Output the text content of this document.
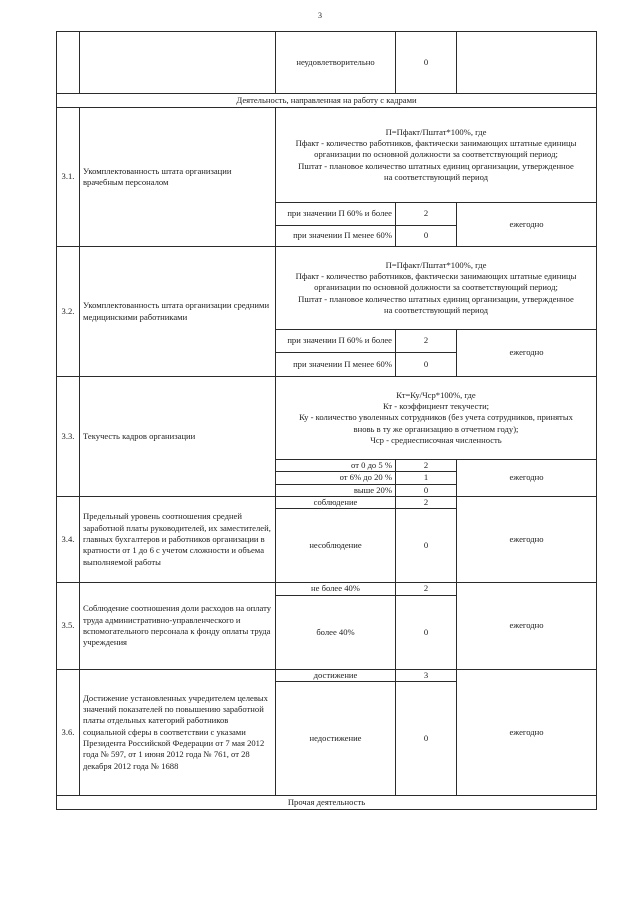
3
		неудовлетворительно	0	
Деятельность, направленная на работу с кадрами				
3.1.	Укомплектованность штата организации врачебным персоналом	П=Пфакт/Пштат*100%, где
Пфакт - количество работников, фактически занимающих штатные единицы
организации по основной должности за соответствующий период;
Пштат - плановое количество штатных единиц организации, утвержденное
на соответствующий период		

		при значении П 60% и более	2	ежегодно
		при значении П менее 60%	0	
3.2.	Укомплектованность штата организации средними медицинскими работниками	П=Пфакт/Пштат*100%, где
Пфакт - количество работников, фактически занимающих штатные единицы
организации по основной должности за соответствующий период;
Пштат - плановое количество штатных единиц организации, утвержденное
на соответствующий период		

		при значении П 60% и более	2	ежегодно
		при значении П менее 60%	0	
3.3.	Текучесть кадров организации	Кт=Ку/Чср*100%, где
Кт - коэффициент текучести;
Ку - количество уволенных сотрудников (без учета сотрудников, принятых
вновь в ту же организацию в отчетном году);
Чср - среднесписочная численность		

		от 0 до 5 %	2	ежегодно
		от 6% до 20 %	1	
		выше 20%	0	
3.4.	Предельный уровень соотношения средней заработной платы руководителей, их заместителей, главных бухгалтеров и работников организации в кратности от 1 до 6 с учетом сложности и объема выполняемой работы	соблюдение	2	ежегодно
		несоблюдение	0	
3.5.	Соблюдение соотношения доли расходов на оплату труда административно-управленческого и вспомогательного персонала к фонду оплаты труда учреждения	не более 40%	2	ежегодно
		более 40%	0	
3.6.	Достижение установленных учредителем целевых значений показателей по повышению заработной платы отдельных категорий работников социальной сферы в соответствии с указами Президента Российской Федерации от 7 мая 2012 года № 597, от 1 июня 2012 года № 761, от 28 декабря 2012 года № 1688	достижение	3	ежегодно
		недостижение	0	
Прочая деятельность				
